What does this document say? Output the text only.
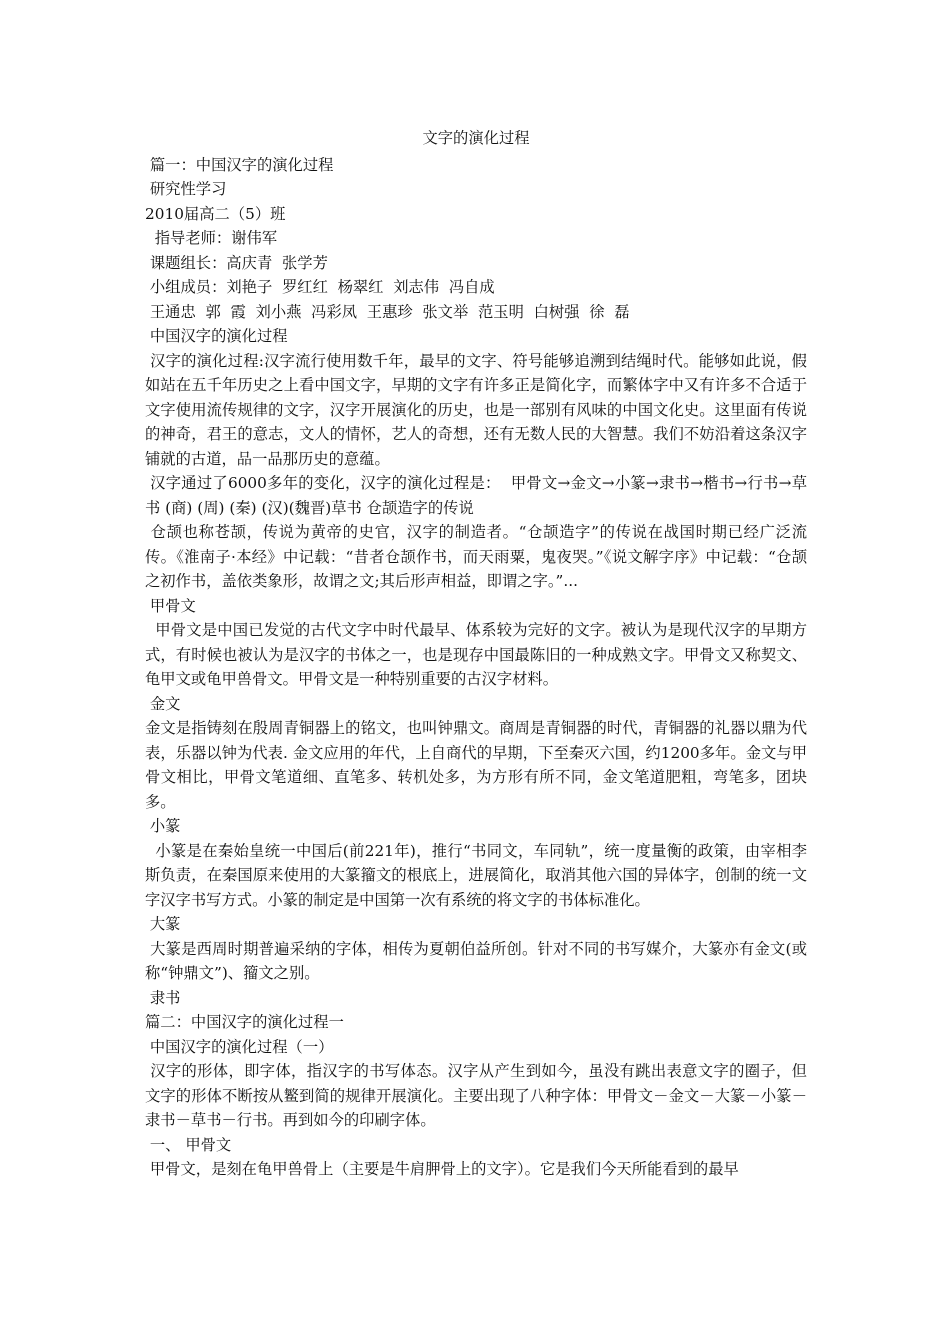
文字的演化过程
篇一：中国汉字的演化过程
研究性学习
2010届高二（5）班
指导老师：谢伟军
课题组长：高庆青  张学芳
小组成员：刘艳子  罗红红  杨翠红  刘志伟  冯自成
王通忠  郭  霞  刘小燕  冯彩凤  王惠珍  张文举  范玉明  白树强  徐  磊
中国汉字的演化过程
汉字的演化过程:汉字流行使用数千年，最早的文字、符号能够追溯到结绳时代。能够如此说，假如站在五千年历史之上看中国文字，早期的文字有许多正是简化字，而繁体字中又有许多不合适于文字使用流传规律的文字，汉字开展演化的历史，也是一部别有风味的中国文化史。这里面有传说的神奇，君王的意志，文人的情怀，艺人的奇想，还有无数人民的大智慧。我们不妨沿着这条汉字铺就的古道，品一品那历史的意蕴。
汉字通过了6000多年的变化，汉字的演化过程是：  甲骨文→金文→小篆→隶书→楷书→行书→草书 (商) (周) (秦) (汉)(魏晋)草书 仓颉造字的传说
仓颉也称苍颉，传说为黄帝的史官，汉字的制造者。“仓颉造字”的传说在战国时期已经广泛流传。《淮南子·本经》中记载：“昔者仓颉作书，而天雨粟，鬼夜哭。”《说文解字序》中记载：“仓颉之初作书，盖依类象形，故谓之文;其后形声相益，即谓之字。”...
甲骨文
甲骨文是中国已发觉的古代文字中时代最早、体系较为完好的文字。被认为是现代汉字的早期方式，有时候也被认为是汉字的书体之一，也是现存中国最陈旧的一种成熟文字。甲骨文又称契文、龟甲文或龟甲兽骨文。甲骨文是一种特别重要的古汉字材料。
金文
金文是指铸刻在殷周青铜器上的铭文，也叫钟鼎文。商周是青铜器的时代，青铜器的礼器以鼎为代表，乐器以钟为代表. 金文应用的年代，上自商代的早期，下至秦灭六国，约1200多年。金文与甲骨文相比，甲骨文笔道细、直笔多、转机处多，为方形有所不同，金文笔道肥粗，弯笔多，团块多。
小篆
小篆是在秦始皇统一中国后(前221年)，推行“书同文，车同轨”，统一度量衡的政策，由宰相李斯负责，在秦国原来使用的大篆籀文的根底上，进展简化，取消其他六国的异体字，创制的统一文字汉字书写方式。小篆的制定是中国第一次有系统的将文字的书体标准化。
大篆
大篆是西周时期普遍采纳的字体，相传为夏朝伯益所创。针对不同的书写媒介，大篆亦有金文(或称“钟鼎文”)、籀文之别。
隶书
篇二：中国汉字的演化过程一
中国汉字的演化过程（一）
汉字的形体，即字体，指汉字的书写体态。汉字从产生到如今，虽没有跳出表意文字的圈子，但文字的形体不断按从鳘到简的规律开展演化。主要出现了八种字体：甲骨文－金文－大篆－小篆－隶书－草书－行书。再到如今的印刷字体。
一、 甲骨文
甲骨文，是刻在龟甲兽骨上（主要是牛肩胛骨上的文字）。它是我们今天所能看到的最早
